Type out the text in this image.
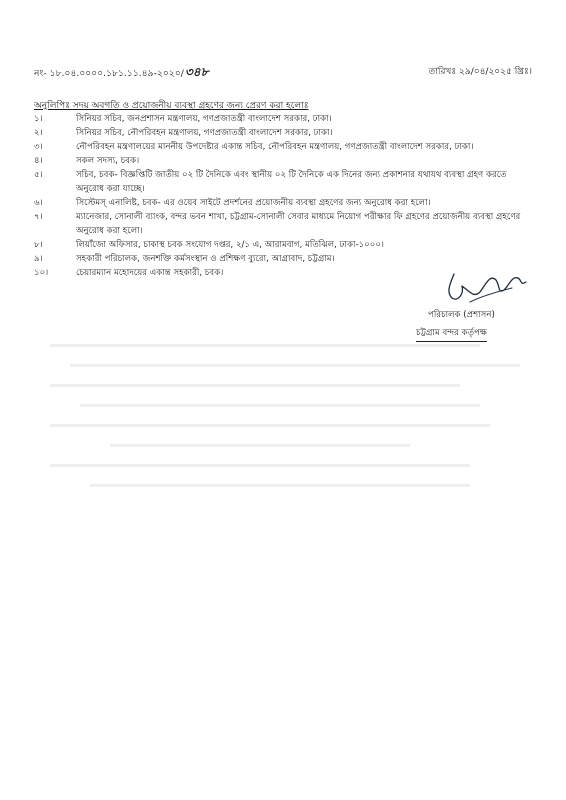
নং- ১৮.০৪.০০০০.১৮১.১১.৪৯-২০২০/৩৪৮	তারিখঃ ২৯/০৪/২০২৫ খ্রিঃ।
অনুলিপিঃ সদয় অবগতি ও প্রয়োজনীয় ব্যবস্থা গ্রহণের জন্য প্রেরণ করা হলোঃ
১।	সিনিয়র সচিব, জনপ্রশাসন মন্ত্রণালয়, গণপ্রজাতন্ত্রী বাংলাদেশ সরকার, ঢাকা।
২।	সিনিয়র সচিব, নৌপরিবহন মন্ত্রণালয়, গণপ্রজাতন্ত্রী বাংলাদেশ সরকার, ঢাকা।
৩।	নৌপরিবহন মন্ত্রণালয়ের মাননীয় উপদেষ্টার একান্ত সচিব, নৌপরিবহন মন্ত্রণালয়, গণপ্রজাতন্ত্রী বাংলাদেশ সরকার, ঢাকা।
৪।	সকল সদস্য, চবক।
৫।	সচিব, চবক- বিজ্ঞপ্তিটি জাতীয় ০২ টি দৈনিকে এবং স্থানীয় ০২ টি দৈনিকে এক দিনের জন্য প্রকাশনার যথাযথ ব্যবস্থা গ্রহণ করতে অনুরোধ করা যাচ্ছে।
৬।	সিস্টেমস্ এনালিষ্ট, চবক- এর ওয়েব সাইটে প্রদর্শনের প্রয়োজনীয় ব্যবস্থা গ্রহণের জন্য অনুরোধ করা হলো।
৭।	ম্যানেজার, সোনালী ব্যাংক, বন্দর ভবন শাখা, চট্টগ্রাম-সোনালী সেবার মাধ্যমে নিয়োগ পরীক্ষার ফি গ্রহণের প্রয়োজনীয় ব্যবস্থা গ্রহণের অনুরোধ করা হলো।
৮।	লিয়াঁজো অফিসার, চাকাস্থ চবক সংযোগ দপ্তর, ২/১ এ, আরামবাগ, মতিঝিল, ঢাকা-১০০০।
৯।	সহকারী পরিচালক, জনশক্তি কর্মসংস্থান ও প্রশিক্ষণ ব্যুরো, আগ্রাবাদ, চট্টগ্রাম।
১০।	চেয়ারম্যান মহোদয়ের একান্ত সহকারী, চবক।
পরিচালক (প্রশাসন)
চট্টগ্রাম বন্দর কর্তৃপক্ষ
